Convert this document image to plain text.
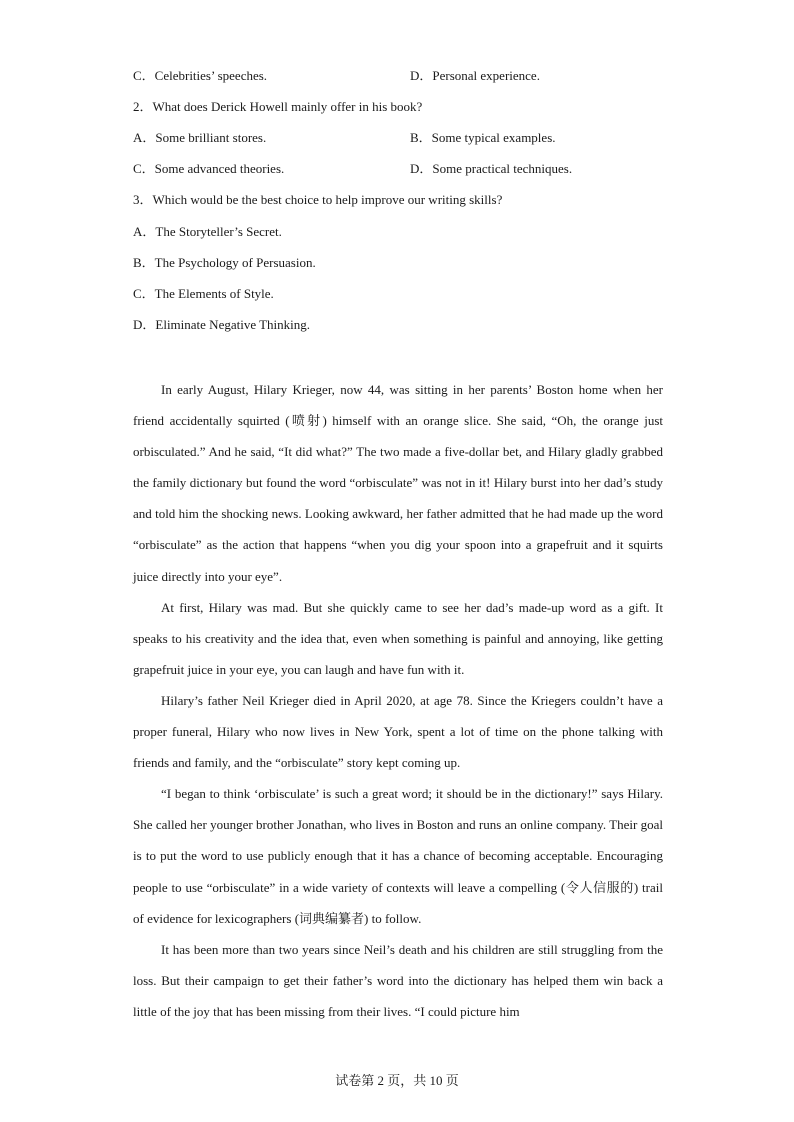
C．Celebrities’ speeches.	D．Personal experience.
2．What does Derick Howell mainly offer in his book?
A．Some brilliant stores.	B．Some typical examples.
C．Some advanced theories.	D．Some practical techniques.
3．Which would be the best choice to help improve our writing skills?
A．The Storyteller’s Secret.
B．The Psychology of Persuasion.
C．The Elements of Style.
D．Eliminate Negative Thinking.

In early August, Hilary Krieger, now 44, was sitting in her parents’ Boston home when her friend accidentally squirted (喷射) himself with an orange slice. She said, “Oh, the orange just orbisculated.” And he said, “It did what?” The two made a five-dollar bet, and Hilary gladly grabbed the family dictionary but found the word “orbisculate” was not in it! Hilary burst into her dad’s study and told him the shocking news. Looking awkward, her father admitted that he had made up the word “orbisculate” as the action that happens “when you dig your spoon into a grapefruit and it squirts juice directly into your eye”.

At first, Hilary was mad. But she quickly came to see her dad’s made-up word as a gift. It speaks to his creativity and the idea that, even when something is painful and annoying, like getting grapefruit juice in your eye, you can laugh and have fun with it.

Hilary’s father Neil Krieger died in April 2020, at age 78. Since the Kriegers couldn’t have a proper funeral, Hilary who now lives in New York, spent a lot of time on the phone talking with friends and family, and the “orbisculate” story kept coming up.

“I began to think ‘orbisculate’ is such a great word; it should be in the dictionary!” says Hilary. She called her younger brother Jonathan, who lives in Boston and runs an online company. Their goal is to put the word to use publicly enough that it has a chance of becoming acceptable. Encouraging people to use “orbisculate” in a wide variety of contexts will leave a compelling (令人信服的) trail of evidence for lexicographers (词典编纂者) to follow.

It has been more than two years since Neil’s death and his children are still struggling from the loss. But their campaign to get their father’s word into the dictionary has helped them win back a little of the joy that has been missing from their lives. “I could picture him

试卷第 2 页，共 10 页
